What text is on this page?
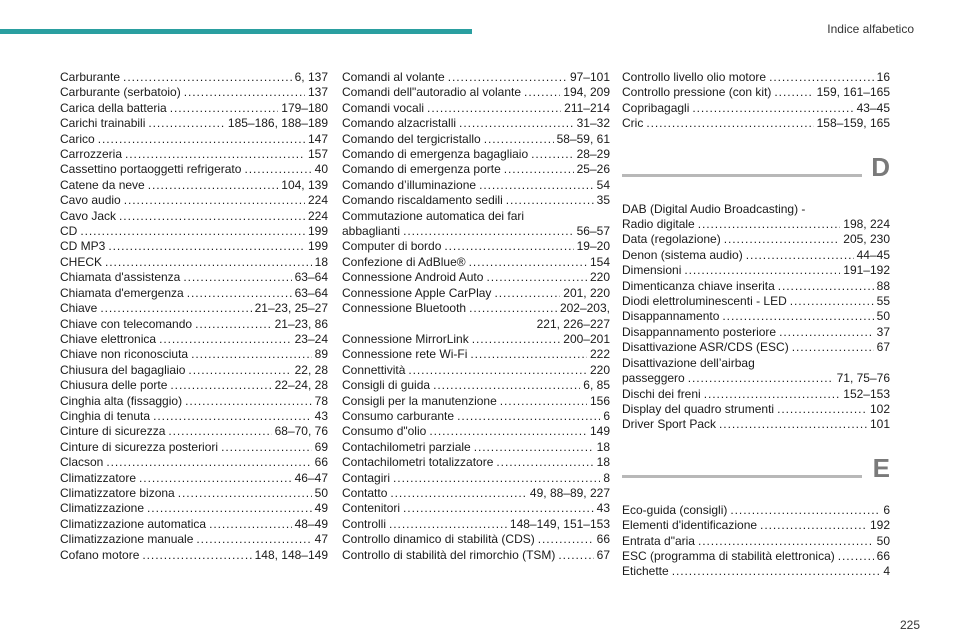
Indice alfabetico
Carburante . . .	6, 137
Carburante (serbatoio) . . .	137
Carica della batteria . . .	179–180
Carichi trainabili . . .	185–186, 188–189
Carico . . .	147
Carrozzeria . . .	157
Cassettino portaoggetti refrigerato . . .	40
Catene da neve . . .	104, 139
Cavo audio . . .	224
Cavo Jack . . .	224
CD . . .	199
CD MP3 . . .	199
CHECK . . .	18
Chiamata d'assistenza . . .	63–64
Chiamata d'emergenza . . .	63–64
Chiave . . .	21–23, 25–27
Chiave con telecomando . . .	21–23, 86
Chiave elettronica . . .	23–24
Chiave non riconosciuta . . .	89
Chiusura del bagagliaio . . .	22, 28
Chiusura delle porte . . .	22–24, 28
Cinghia alta (fissaggio) . . .	78
Cinghia di tenuta . . .	43
Cinture di sicurezza . . .	68–70, 76
Cinture di sicurezza posteriori . . .	69
Clacson . . .	66
Climatizzatore . . .	46–47
Climatizzatore bizona . . .	50
Climatizzazione . . .	49
Climatizzazione automatica . . .	48–49
Climatizzazione manuale . . .	47
Cofano motore . . .	148, 148–149
Comandi al volante . . .	97–101
Comandi dell"autoradio al volante . . .	194, 209
Comandi vocali . . .	211–214
Comando alzacristalli . . .	31–32
Comando del tergicristallo . . .	58–59, 61
Comando di emergenza bagagliaio . . .	28–29
Comando di emergenza porte . . .	25–26
Comando d’illuminazione . . .	54
Comando riscaldamento sedili . . .	35
Commutazione automatica dei fari
abbaglianti . . .	56–57
Computer di bordo . . .	19–20
Confezione di AdBlue® . . .	154
Connessione Android Auto . . .	220
Connessione Apple CarPlay . . .	201, 220
Connessione Bluetooth . . .	202–203,
221, 226–227
Connessione MirrorLink . . .	200–201
Connessione rete Wi-Fi . . .	222
Connettività . . .	220
Consigli di guida . . .	6, 85
Consigli per la manutenzione . . .	156
Consumo carburante . . .	6
Consumo d"olio . . .	149
Contachilometri parziale . . .	18
Contachilometri totalizzatore . . .	18
Contagiri . . .	8
Contatto . . .	49, 88–89, 227
Contenitori . . .	43
Controlli . . .	148–149, 151–153
Controllo dinamico di stabilità (CDS) . . .	66
Controllo di stabilità del rimorchio (TSM) . . .	67
Controllo livello olio motore . . .	16
Controllo pressione (con kit) . . .	159, 161–165
Copribagagli . . .	43–45
Cric . . .	158–159, 165
D
DAB (Digital Audio Broadcasting) -
Radio digitale . . .	198, 224
Data (regolazione) . . .	205, 230
Denon (sistema audio) . . .	44–45
Dimensioni . . .	191–192
Dimenticanza chiave inserita . . .	88
Diodi elettroluminescenti - LED . . .	55
Disappannamento . . .	50
Disappannamento posteriore . . .	37
Disattivazione ASR/CDS (ESC) . . .	67
Disattivazione dell’airbag
passeggero . . .	71, 75–76
Dischi dei freni . . .	152–153
Display del quadro strumenti . . .	102
Driver Sport Pack . . .	101
E
Eco-guida (consigli) . . .	6
Elementi d'identificazione . . .	192
Entrata d"aria . . .	50
ESC (programma di stabilità elettronica) . . .	66
Etichette . . .	4
225
